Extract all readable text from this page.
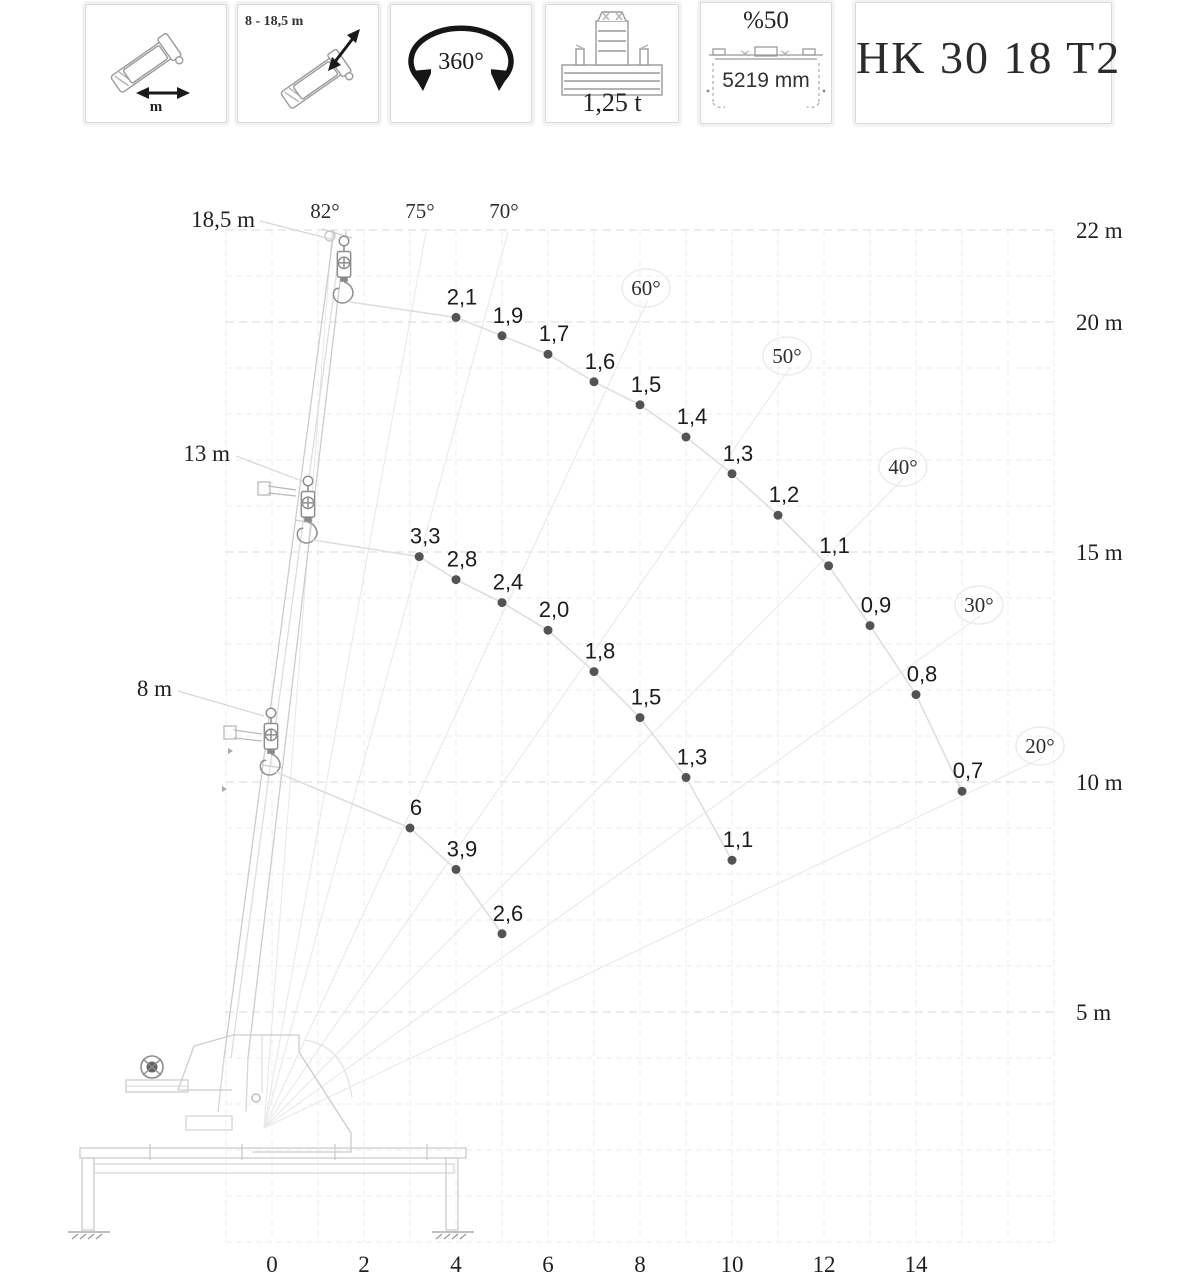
82°	75°	70°
60°
50°
40°
30°
20°
18,5 m
13 m
8 m
22 m
20 m
15 m
10 m
5 m
0	2	4	6	8	10	12	14
2,1
1,9
1,7
1,6
1,5
1,4
1,3
1,2
1,1
0,9
0,8
0,7
3,3
2,8
2,4
2,0
1,8
1,5
1,3
1,1
6
3,9
2,6
m
8 - 18,5 m
360°
1,25 t
%50
5219 mm	HK 30 18 T2
